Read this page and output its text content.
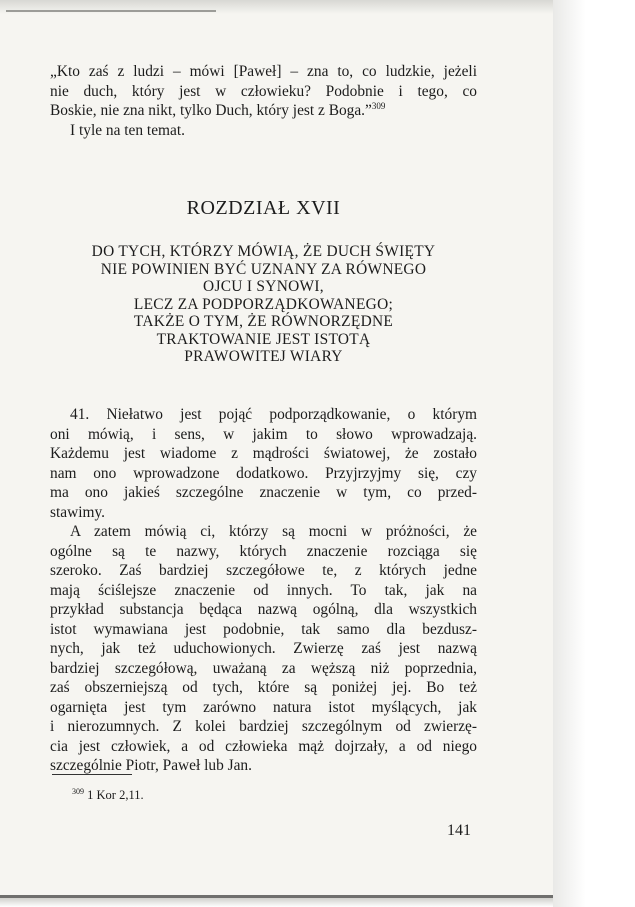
„Kto zaś z ludzi – mówi [Paweł] – zna to, co ludzkie, jeżeli
nie duch, który jest w człowieku? Podobnie i tego, co
Boskie, nie zna nikt, tylko Duch, który jest z Boga.”$^{309}$

I tyle na ten temat.

ROZDZIAŁ XVII
DO TYCH, KTÓRZY MÓWIĄ, ŻE DUCH ŚWIĘTY
NIE POWINIEN BYĆ UZNANY ZA RÓWNEGO
OJCU I SYNOWI,
LECZ ZA PODPORZĄDKOWANEGO;
TAKŻE O TYM, ŻE RÓWNORZĘDNE
TRAKTOWANIE JEST ISTOTĄ
PRAWOWITEJ WIARY

41. Niełatwo jest pojąć podporządkowanie, o którym
oni mówią, i sens, w jakim to słowo wprowadzają.
Każdemu jest wiadome z mądrości światowej, że zostało
nam ono wprowadzone dodatkowo. Przyjrzyjmy się, czy
ma ono jakieś szczególne znaczenie w tym, co przed-
stawimy.

A zatem mówią ci, którzy są mocni w próżności, że
ogólne są te nazwy, których znaczenie rozciąga się
szeroko. Zaś bardziej szczegółowe te, z których jedne
mają ściślejsze znaczenie od innych. To tak, jak na
przykład substancja będąca nazwą ogólną, dla wszystkich
istot wymawiana jest podobnie, tak samo dla bezdusz-
nych, jak też uduchowionych. Zwierzę zaś jest nazwą
bardziej szczegółową, uważaną za węższą niż poprzednia,
zaś obszerniejszą od tych, które są poniżej jej. Bo też
ogarnięta jest tym zarówno natura istot myślących, jak
i nierozumnych. Z kolei bardziej szczególnym od zwierzę-
cia jest człowiek, a od człowieka mąż dojrzały, a od niego
szczególnie Piotr, Paweł lub Jan.

$^{309}$ 1 Kor 2,11.
141
